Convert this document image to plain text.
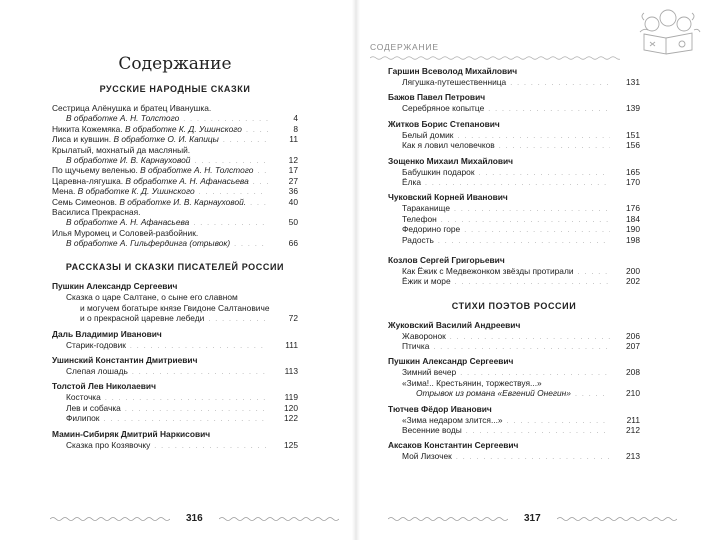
Содержание
РУССКИЕ НАРОДНЫЕ СКАЗКИ
Сестрица Алёнушка и братец Иванушка.
В обработке А. Н. Толстого . . .	4
Никита Кожемяка. В обработке К. Д. Ушинского . . .	8
Лиса и кувшин. В обработке О. И. Капицы . . .	11
Крылатый, мохнатый да масляный.
В обработке И. В. Карнауховой . . .	12
По щучьему веленью. В обработке А. Н. Толстого . . .	17
Царевна-лягушка. В обработке А. Н. Афанасьева . . .	27
Мена. В обработке К. Д. Ушинского . . .	36
Семь Симеонов. В обработке И. В. Карнауховой. . . .	40
Василиса Прекрасная.
В обработке А. Н. Афанасьева . . .	50
Илья Муромец и Соловей-разбойник.
В обработке А. Гильфердинга (отрывок) . . .	66
РАССКАЗЫ И СКАЗКИ ПИСАТЕЛЕЙ РОССИИ
Пушкин Александр Сергеевич
Сказка о царе Салтане, о сыне его славном
и могучем богатыре князе Гвидоне Салтановиче
и о прекрасной царевне лебеди . . .	72
Даль Владимир Иванович
Старик-годовик . . .	111
Ушинский Константин Дмитриевич
Слепая лошадь . . .	113
Толстой Лев Николаевич
Косточка . . .	119
Лев и собачка . . .	120
Филипок . . .	122
Мамин-Сибиряк Дмитрий Наркисович
Сказка про Козявочку . . .	125
316
СОДЕРЖАНИЕ
Гаршин Всеволод Михайлович
Лягушка-путешественница . . .	131
Бажов Павел Петрович
Серебряное копытце . . .	139
Житков Борис Степанович
Белый домик . . .	151
Как я ловил человечков . . .	156
Зощенко Михаил Михайлович
Бабушкин подарок . . .	165
Ёлка . . .	170
Чуковский Корней Иванович
Тараканище . . .	176
Телефон . . .	184
Федорино горе . . .	190
Радость . . .	198
Козлов Сергей Григорьевич
Как Ёжик с Медвежонком звёзды протирали . . .	200
Ёжик и море . . .	202
СТИХИ ПОЭТОВ РОССИИ
Жуковский Василий Андреевич
Жаворонок . . .	206
Птичка . . .	207
Пушкин Александр Сергеевич
Зимний вечер . . .	208
«Зима!.. Крестьянин, торжествуя...»
Отрывок из романа «Евгений Онегин» . . .	210
Тютчев Фёдор Иванович
«Зима недаром злится...» . . .	211
Весенние воды . . .	212
Аксаков Константин Сергеевич
Мой Лизочек . . .	213
317
